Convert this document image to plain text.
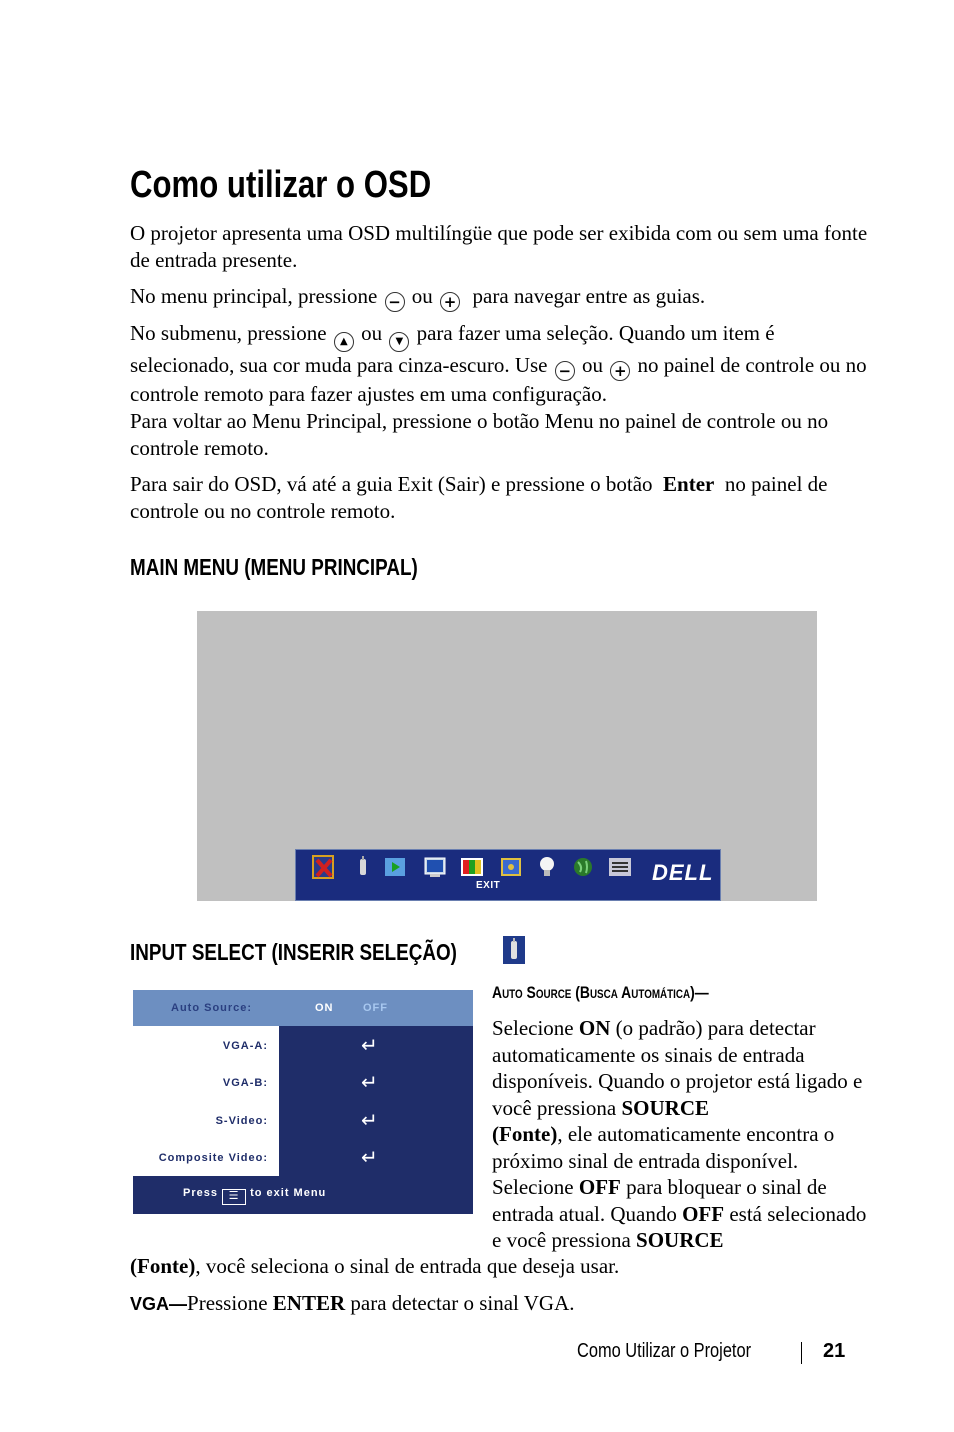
Como utilizar o OSD

O projetor apresenta uma OSD multilíngüe que pode ser exibida com ou sem uma fonte de entrada presente.

No menu principal, pressione − ou + para navegar entre as guias.

No submenu, pressione ▲ ou ▼ para fazer uma seleção. Quando um item é selecionado, sua cor muda para cinza-escuro. Use − ou + no painel de controle ou no controle remoto para fazer ajustes em uma configuração.

Para voltar ao Menu Principal, pressione o botão Menu no painel de controle ou no controle remoto.

Para sair do OSD, vá até a guia Exit (Sair) e pressione o botão Enter no painel de controle ou no controle remoto.

MAIN MENU (MENU PRINCIPAL)
EXIT
DELL
INPUT SELECT (INSERIR SELEÇÃO)
Auto Source:	ON	OFF
VGA-A:	↵
VGA-B:	↵
S-Video:	↵
Composite Video:	↵
Press ☰ to exit Menu
Auto Source (Busca Automática)—

Selecione ON (o padrão) para detectar automaticamente os sinais de entrada disponíveis. Quando o projetor está ligado e você pressiona SOURCE
(Fonte), ele automaticamente encontra o próximo sinal de entrada disponível. Selecione OFF para bloquear o sinal de entrada atual. Quando OFF está selecionado e você pressiona SOURCE

(Fonte), você seleciona o sinal de entrada que deseja usar.

VGA—Pressione ENTER para detectar o sinal VGA.

Como Utilizar o Projetor	21
